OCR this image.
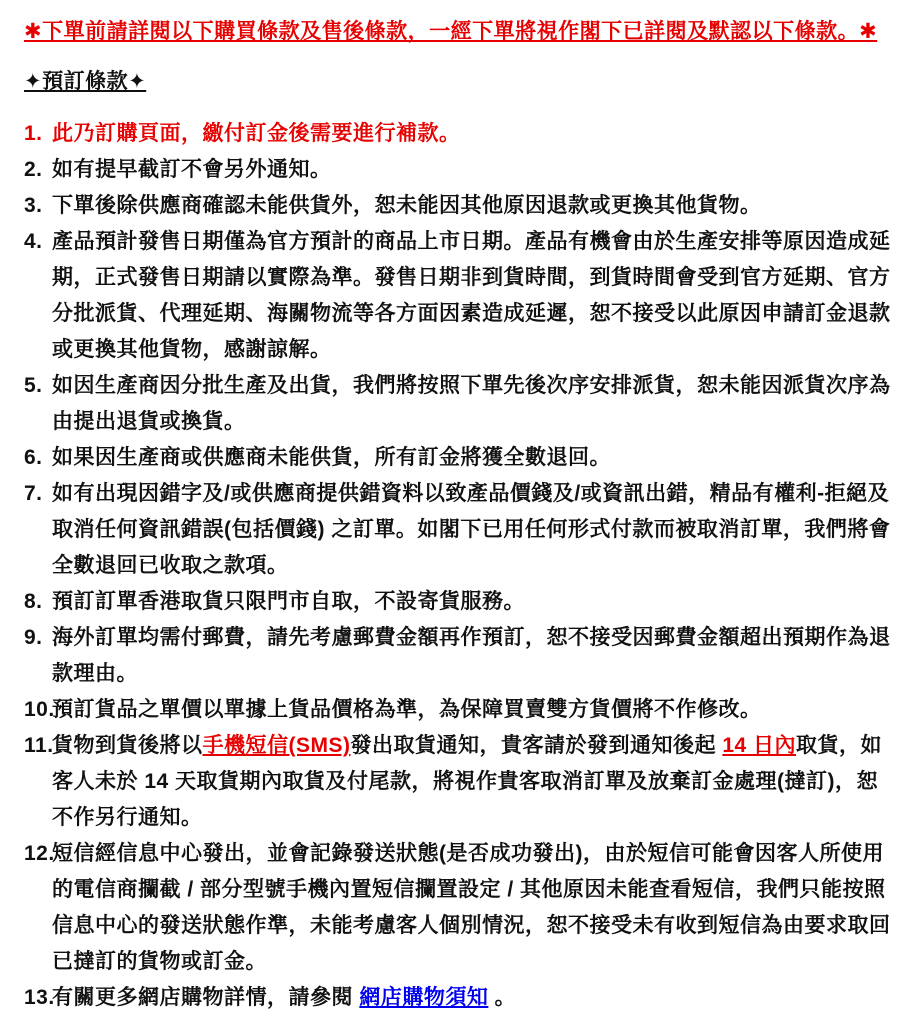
✱下單前請詳閱以下購買條款及售後條款，一經下單將視作閣下已詳閱及默認以下條款。✱
✦預訂條款✦
1. 此乃訂購頁面，繳付訂金後需要進行補款。
2. 如有提早截訂不會另外通知。
3. 下單後除供應商確認未能供貨外，恕未能因其他原因退款或更換其他貨物。
4. 產品預計發售日期僅為官方預計的商品上市日期。產品有機會由於生產安排等原因造成延期，正式發售日期請以實際為準。發售日期非到貨時間，到貨時間會受到官方延期、官方分批派貨、代理延期、海關物流等各方面因素造成延遲，恕不接受以此原因申請訂金退款或更換其他貨物，感謝諒解。
5. 如因生產商因分批生產及出貨，我們將按照下單先後次序安排派貨，恕未能因派貨次序為由提出退貨或換貨。
6. 如果因生產商或供應商未能供貨，所有訂金將獲全數退回。
7. 如有出現因錯字及/或供應商提供錯資料以致產品價錢及/或資訊出錯，精品有權利-拒絕及取消任何資訊錯誤(包括價錢) 之訂單。如閣下已用任何形式付款而被取消訂單，我們將會全數退回已收取之款項。
8. 預訂訂單香港取貨只限門市自取，不設寄貨服務。
9. 海外訂單均需付郵費，請先考慮郵費金額再作預訂，恕不接受因郵費金額超出預期作為退款理由。
10.
預訂貨品之單價以單據上貨品價格為準，為保障買賣雙方貨價將不作修改。
11.
貨物到貨後將以手機短信(SMS)發出取貨通知，貴客請於發到通知後起 14 日內取貨，如客人未於 14 天取貨期內取貨及付尾款，將視作貴客取消訂單及放棄訂金處理(撻訂)，恕不作另行通知。
12.
短信經信息中心發出，並會記錄發送狀態(是否成功發出)，由於短信可能會因客人所使用的電信商攔截 / 部分型號手機內置短信攔置設定 / 其他原因未能查看短信，我們只能按照信息中心的發送狀態作準，未能考慮客人個別情況，恕不接受未有收到短信為由要求取回已撻訂的貨物或訂金。
13.
有關更多網店購物詳情，請參閱 網店購物須知 。
